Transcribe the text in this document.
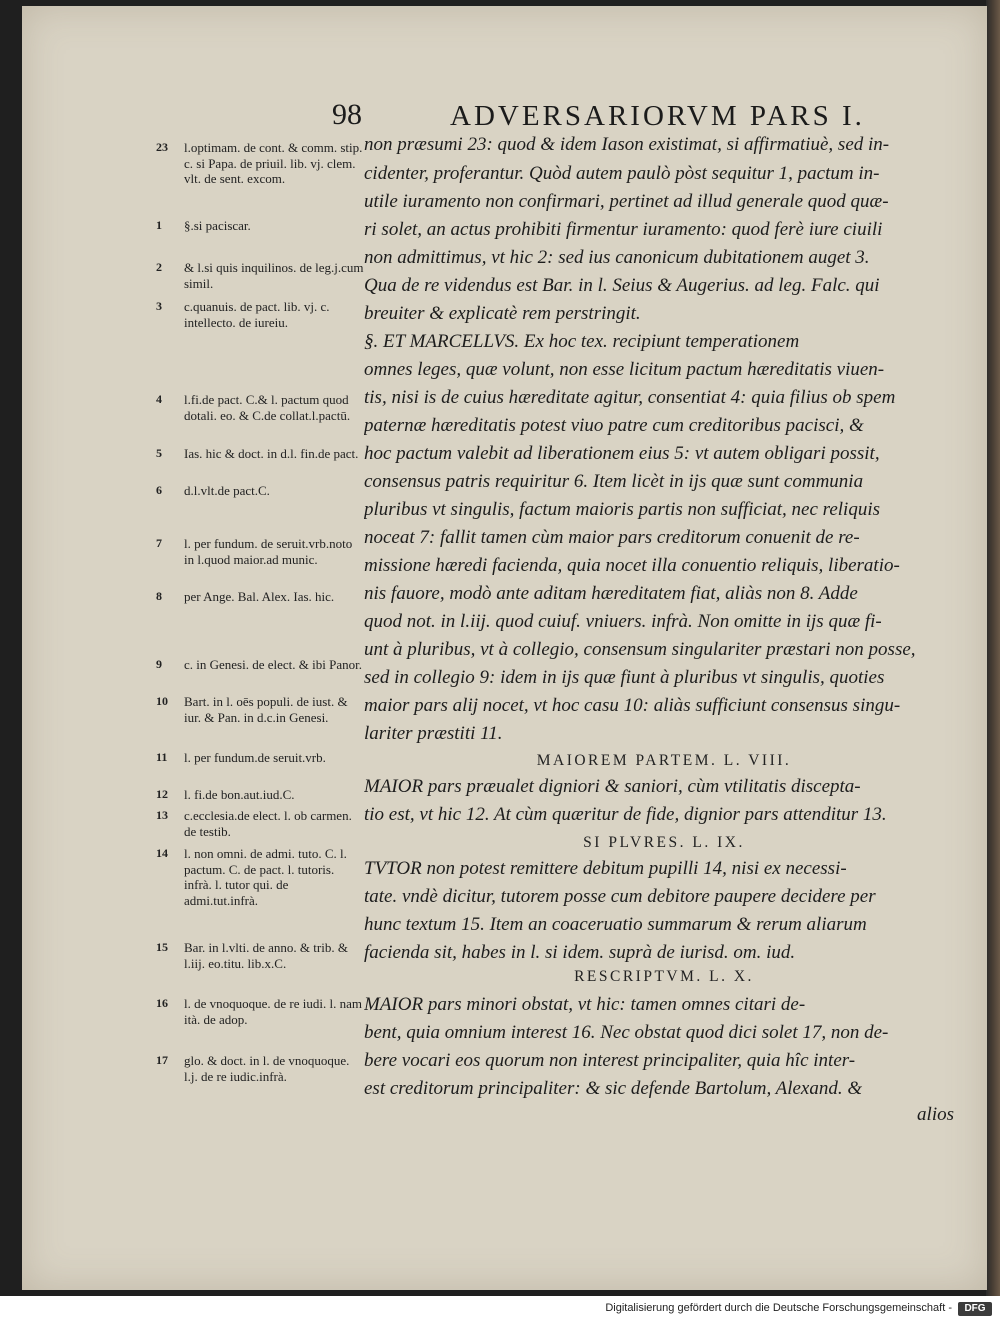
98	ADVERSARIORVM PARS I.
23	l.optimam. de cont. & comm. stip. c. si Papa. de priuil. lib. vj. clem. vlt. de sent. excom.
1	§.si paciscar.
2	& l.si quis inquilinos. de leg.j.cum simil.
3	c.quanuis. de pact. lib. vj. c. intellecto. de iureiu.
4	l.fi.de pact. C.& l. pactum quod dotali. eo. & C.de collat.l.pactū.
5	Ias. hic & doct. in d.l. fin.de pact.
6	d.l.vlt.de pact.C.
7	l. per fundum. de seruit.vrb.noto in l.quod maior.ad munic.
8	per Ange. Bal. Alex. Ias. hic.
9	c. in Genesi. de elect. & ibi Panor.
10	Bart. in l. oēs populi. de iust. & iur. & Pan. in d.c.in Genesi.
11	l. per fundum.de seruit.vrb.
12	l. fi.de bon.aut.iud.C.
13	c.ecclesia.de elect. l. ob carmen. de testib.
14	l. non omni. de admi. tuto. C. l. pactum. C. de pact. l. tutoris. infrà. l. tutor qui. de admi.tut.infrà.
15	Bar. in l.vlti. de anno. & trib. & l.iij. eo.titu. lib.x.C.
16	l. de vnoquoque. de re iudi. l. nam ità. de adop.
17	glo. & doct. in l. de vnoquoque. l.j. de re iudic.infrà.
non præsumi 23: quod & idem Iason existimat, si affirmatiuè, sed in-
cidenter, proferantur. Quòd autem paulò pòst sequitur 1, pactum in-
utile iuramento non confirmari, pertinet ad illud generale quod quæ-
ri solet, an actus prohibiti firmentur iuramento: quod ferè iure ciuili
non admittimus, vt hic 2: sed ius canonicum dubitationem auget 3.
Qua de re videndus est Bar. in l. Seius & Augerius. ad leg. Falc. qui
breuiter & explicatè rem perstringit.
§. ET MARCELLVS. Ex hoc tex. recipiunt temperationem
omnes leges, quæ volunt, non esse licitum pactum hæreditatis viuen-
tis, nisi is de cuius hæreditate agitur, consentiat 4: quia filius ob spem
paternæ hæreditatis potest viuo patre cum creditoribus pacisci, &
hoc pactum valebit ad liberationem eius 5: vt autem obligari possit,
consensus patris requiritur 6. Item licèt in ijs quæ sunt communia
pluribus vt singulis, factum maioris partis non sufficiat, nec reliquis
noceat 7: fallit tamen cùm maior pars creditorum conuenit de re-
missione hæredi facienda, quia nocet illa conuentio reliquis, liberatio-
nis fauore, modò ante aditam hæreditatem fiat, aliàs non 8. Adde
quod not. in l.iij. quod cuiuf. vniuers. infrà. Non omitte in ijs quæ fi-
unt à pluribus, vt à collegio, consensum singulariter præstari non posse,
sed in collegio 9: idem in ijs quæ fiunt à pluribus vt singulis, quoties
maior pars alij nocet, vt hoc casu 10: aliàs sufficiunt consensus singu-
lariter præstiti 11.
MAIOREM PARTEM. L. VIII.
MAIOR pars præualet digniori & saniori, cùm vtilitatis discepta-
tio est, vt hic 12. At cùm quæritur de fide, dignior pars attenditur 13.
SI PLVRES. L. IX.
TVTOR non potest remittere debitum pupilli 14, nisi ex necessi-
tate. vndè dicitur, tutorem posse cum debitore paupere decidere per
hunc textum 15. Item an coaceruatio summarum & rerum aliarum
facienda sit, habes in l. si idem. suprà de iurisd. om. iud.
RESCRIPTVM. L. X.
MAIOR pars minori obstat, vt hic: tamen omnes citari de-
bent, quia omnium interest 16. Nec obstat quod dici solet 17, non de-
bere vocari eos quorum non interest principaliter, quia hîc inter-
est creditorum principaliter: & sic defende Bartolum, Alexand. &
alios
Digitalisierung gefördert durch die Deutsche Forschungsgemeinschaft -	DFG
